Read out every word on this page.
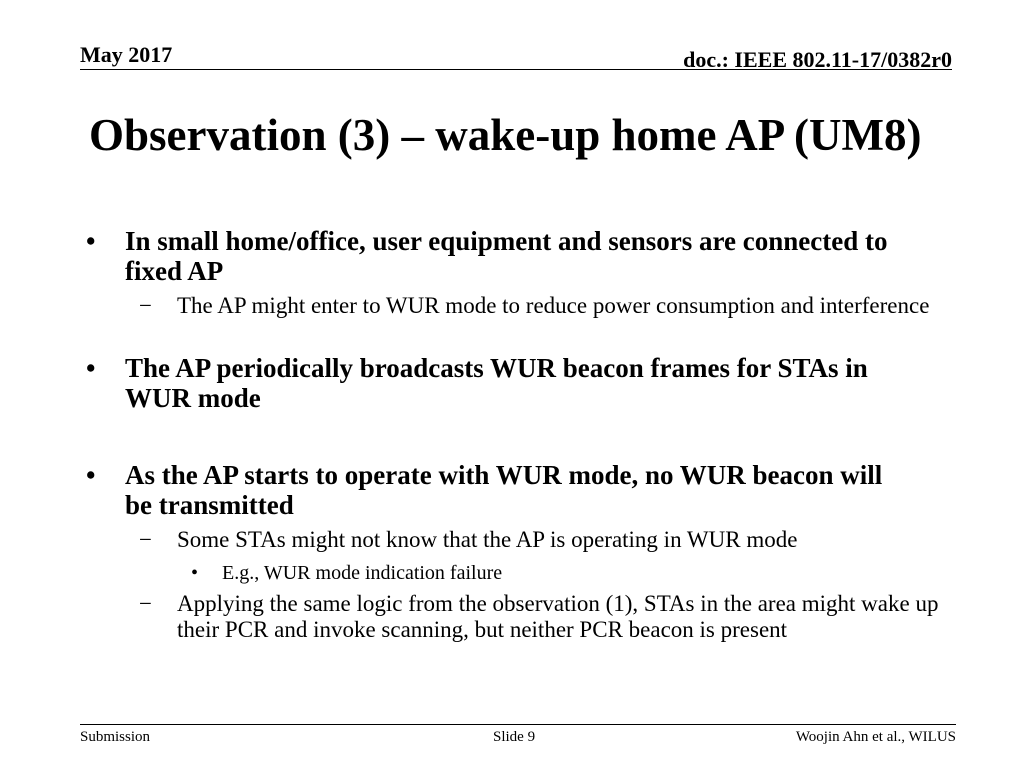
May 2017	doc.: IEEE 802.11-17/0382r0
Observation (3) – wake-up home AP (UM8)
• In small home/office, user equipment and sensors are connected to fixed AP
− The AP might enter to WUR mode to reduce power consumption and interference
• The AP periodically broadcasts WUR beacon frames for STAs in WUR mode
• As the AP starts to operate with WUR mode, no WUR beacon will be transmitted
− Some STAs might not know that the AP is operating in WUR mode
• E.g., WUR mode indication failure
− Applying the same logic from the observation (1), STAs in the area might wake up their PCR and invoke scanning, but neither PCR beacon is present
Submission	Slide 9	Woojin Ahn et al., WILUS
